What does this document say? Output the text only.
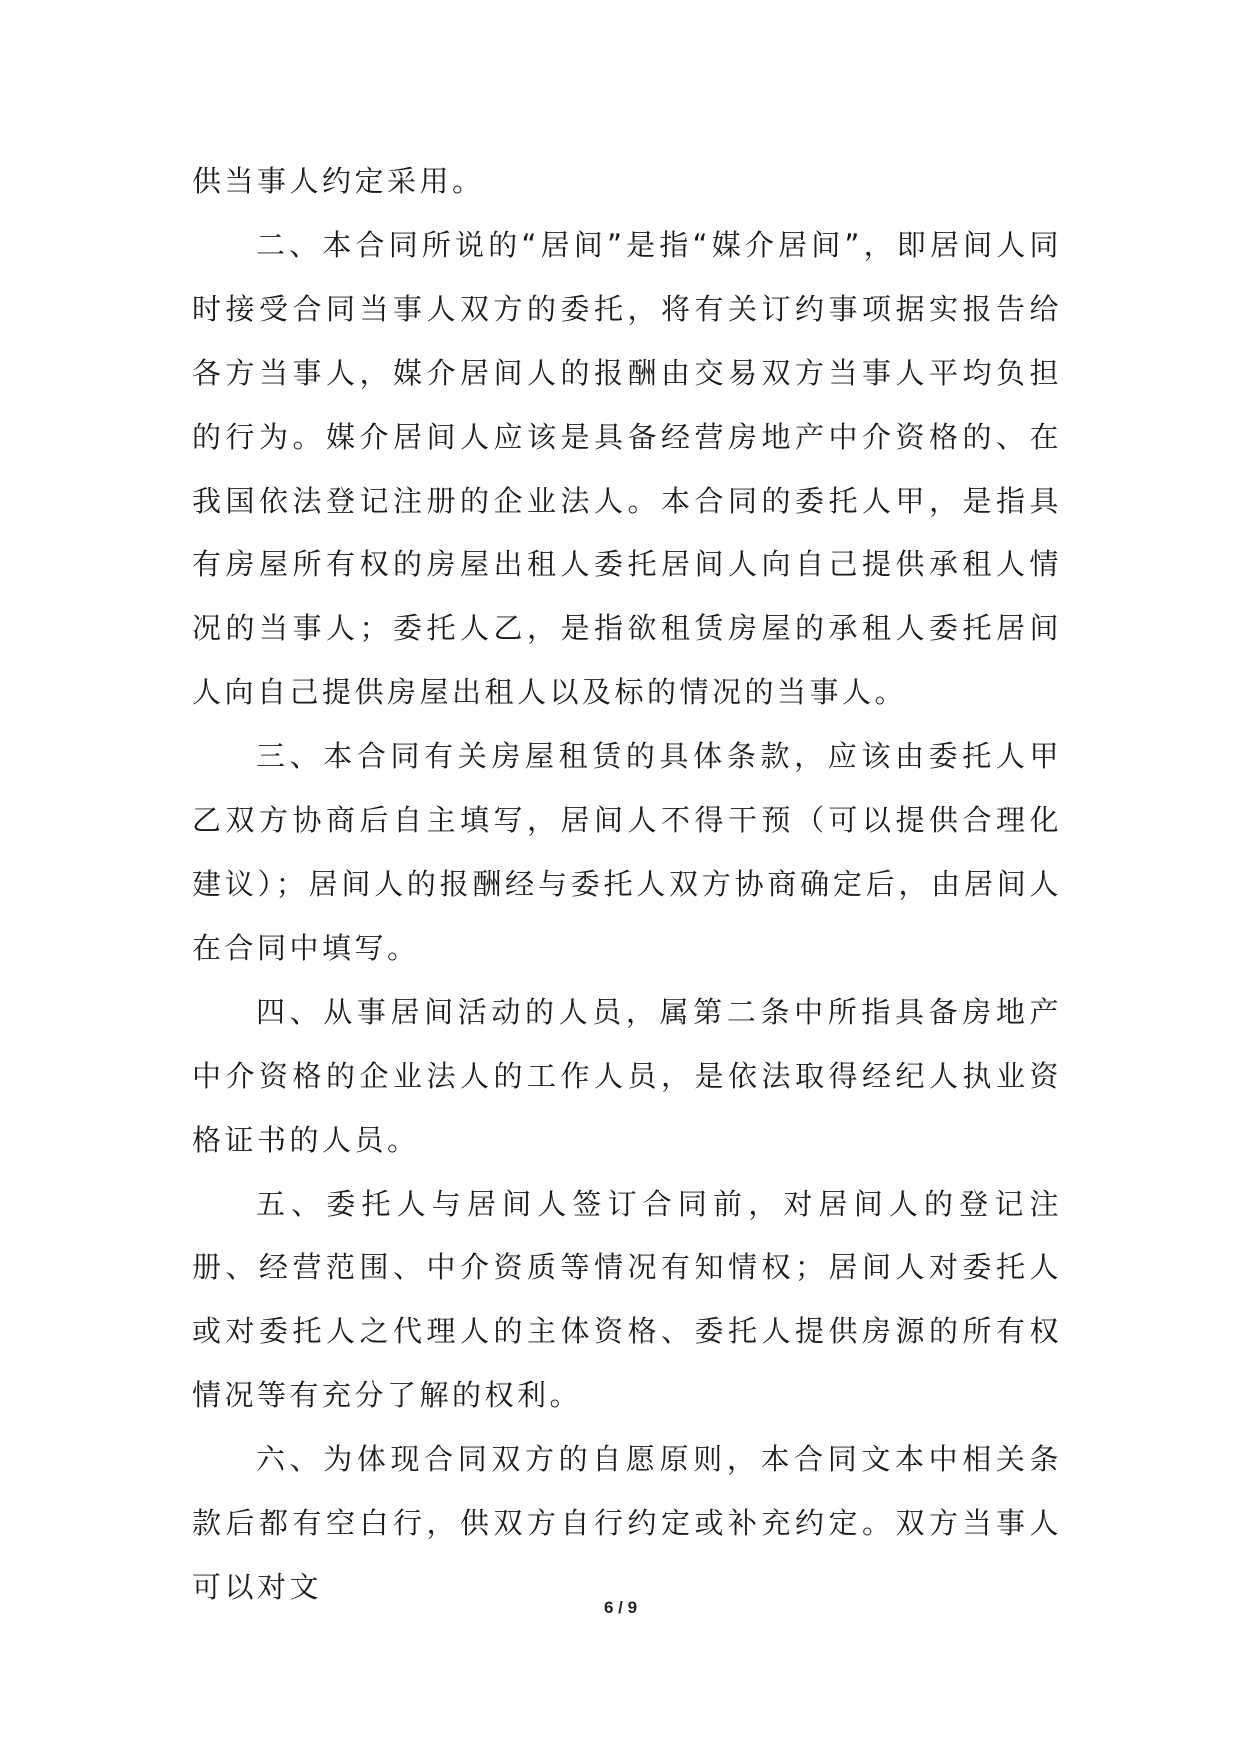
供当事人约定采用。

二、本合同所说的“居间”是指“媒介居间”，即居间人同时接受合同当事人双方的委托，将有关订约事项据实报告给各方当事人，媒介居间人的报酬由交易双方当事人平均负担的行为。媒介居间人应该是具备经营房地产中介资格的、在我国依法登记注册的企业法人。本合同的委托人甲，是指具有房屋所有权的房屋出租人委托居间人向自己提供承租人情况的当事人；委托人乙，是指欲租赁房屋的承租人委托居间人向自己提供房屋出租人以及标的情况的当事人。

三、本合同有关房屋租赁的具体条款，应该由委托人甲乙双方协商后自主填写，居间人不得干预（可以提供合理化建议）；居间人的报酬经与委托人双方协商确定后，由居间人在合同中填写。

四、从事居间活动的人员，属第二条中所指具备房地产中介资格的企业法人的工作人员，是依法取得经纪人执业资格证书的人员。

五、委托人与居间人签订合同前，对居间人的登记注册、经营范围、中介资质等情况有知情权；居间人对委托人或对委托人之代理人的主体资格、委托人提供房源的所有权情况等有充分了解的权利。

六、为体现合同双方的自愿原则，本合同文本中相关条款后都有空白行，供双方自行约定或补充约定。双方当事人可以对文

6 / 9
